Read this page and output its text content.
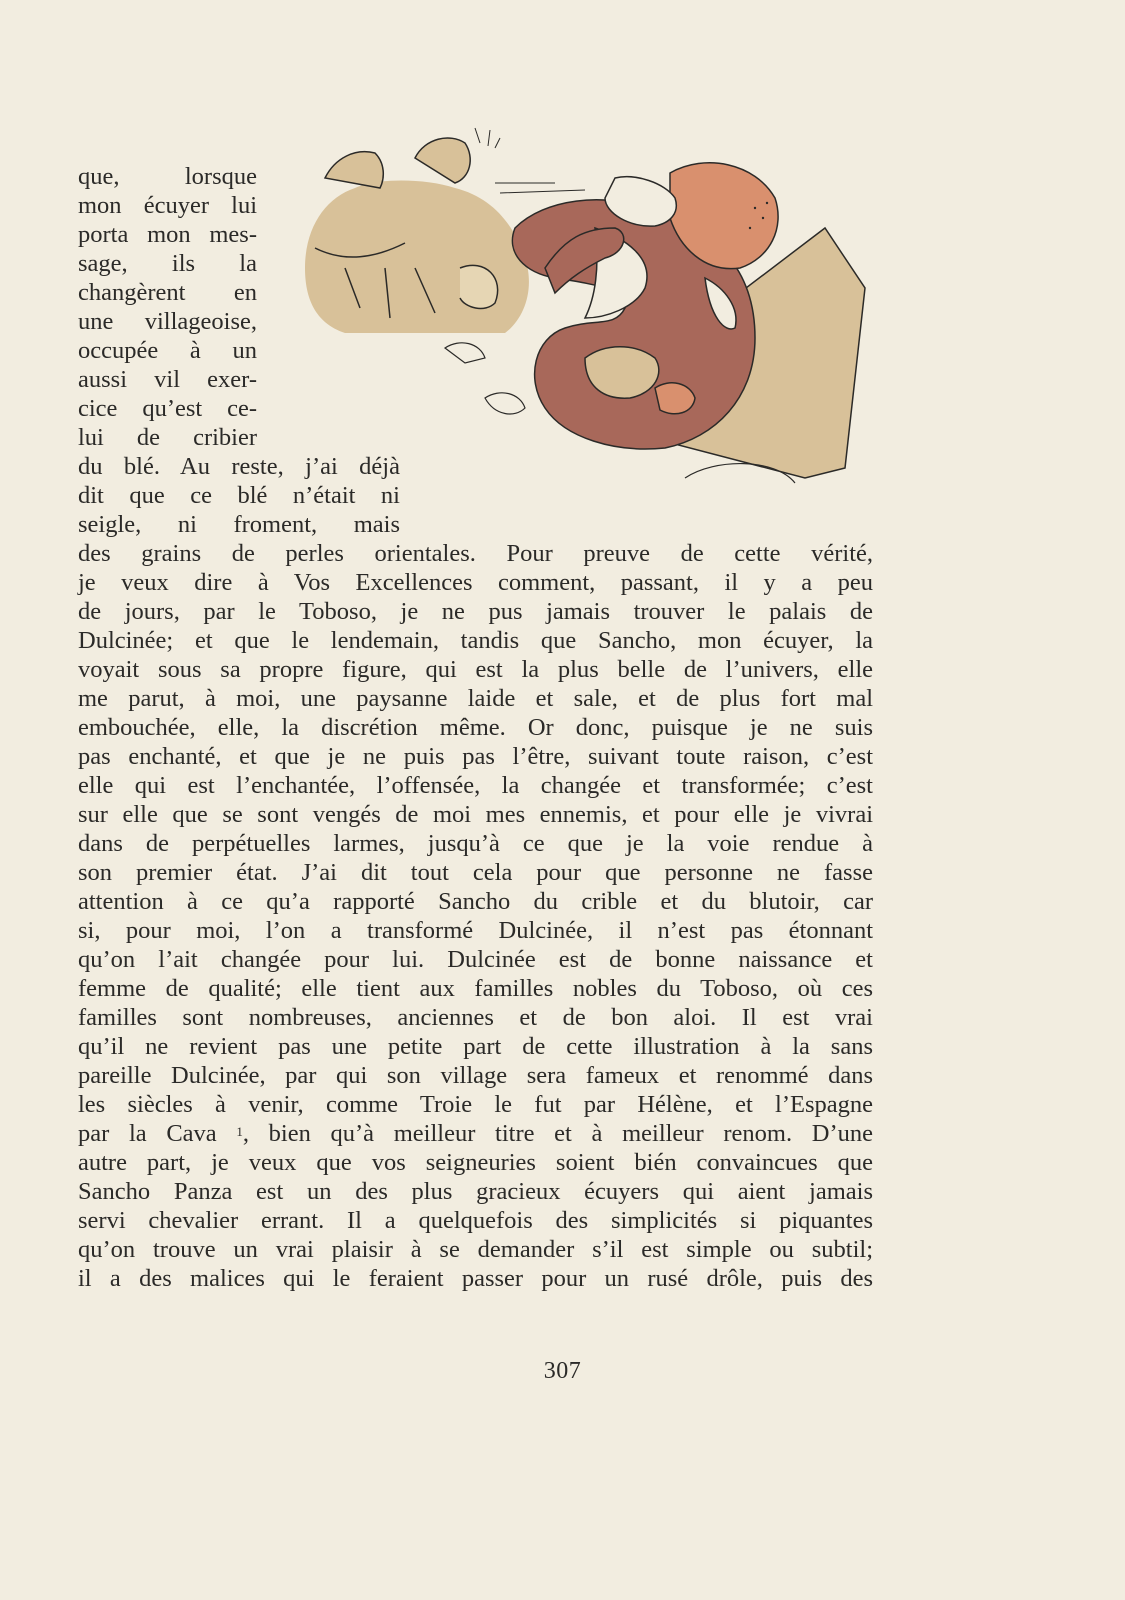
que, lorsque
mon écuyer lui
porta mon mes-
sage, ils la
changèrent en
une villageoise,
occupée à un
aussi vil exer-
cice qu’est ce-
lui de cribier
du blé. Au reste, j’ai déjà
dit que ce blé n’était ni
seigle, ni froment, mais
des grains de perles orientales. Pour preuve de cette vérité,
je veux dire à Vos Excellences comment, passant, il y a peu
de jours, par le Toboso, je ne pus jamais trouver le palais de
Dulcinée; et que le lendemain, tandis que Sancho, mon écuyer, la
voyait sous sa propre figure, qui est la plus belle de l’univers, elle
me parut, à moi, une paysanne laide et sale, et de plus fort mal
embouchée, elle, la discrétion même. Or donc, puisque je ne suis
pas enchanté, et que je ne puis pas l’être, suivant toute raison, c’est
elle qui est l’enchantée, l’offensée, la changée et transformée; c’est
sur elle que se sont vengés de moi mes ennemis, et pour elle je vivrai
dans de perpétuelles larmes, jusqu’à ce que je la voie rendue à
son premier état. J’ai dit tout cela pour que personne ne fasse
attention à ce qu’a rapporté Sancho du crible et du blutoir, car
si, pour moi, l’on a transformé Dulcinée, il n’est pas étonnant
qu’on l’ait changée pour lui. Dulcinée est de bonne naissance et
femme de qualité; elle tient aux familles nobles du Toboso, où ces
familles sont nombreuses, anciennes et de bon aloi. Il est vrai
qu’il ne revient pas une petite part de cette illustration à la sans
pareille Dulcinée, par qui son village sera fameux et renommé dans
les siècles à venir, comme Troie le fut par Hélène, et l’Espagne
par la Cava $^1$, bien qu’à meilleur titre et à meilleur renom. D’une
autre part, je veux que vos seigneuries soient bién convaincues que
Sancho Panza est un des plus gracieux écuyers qui aient jamais
servi chevalier errant. Il a quelquefois des simplicités si piquantes
qu’on trouve un vrai plaisir à se demander s’il est simple ou subtil;
il a des malices qui le feraient passer pour un rusé drôle, puis des
307
